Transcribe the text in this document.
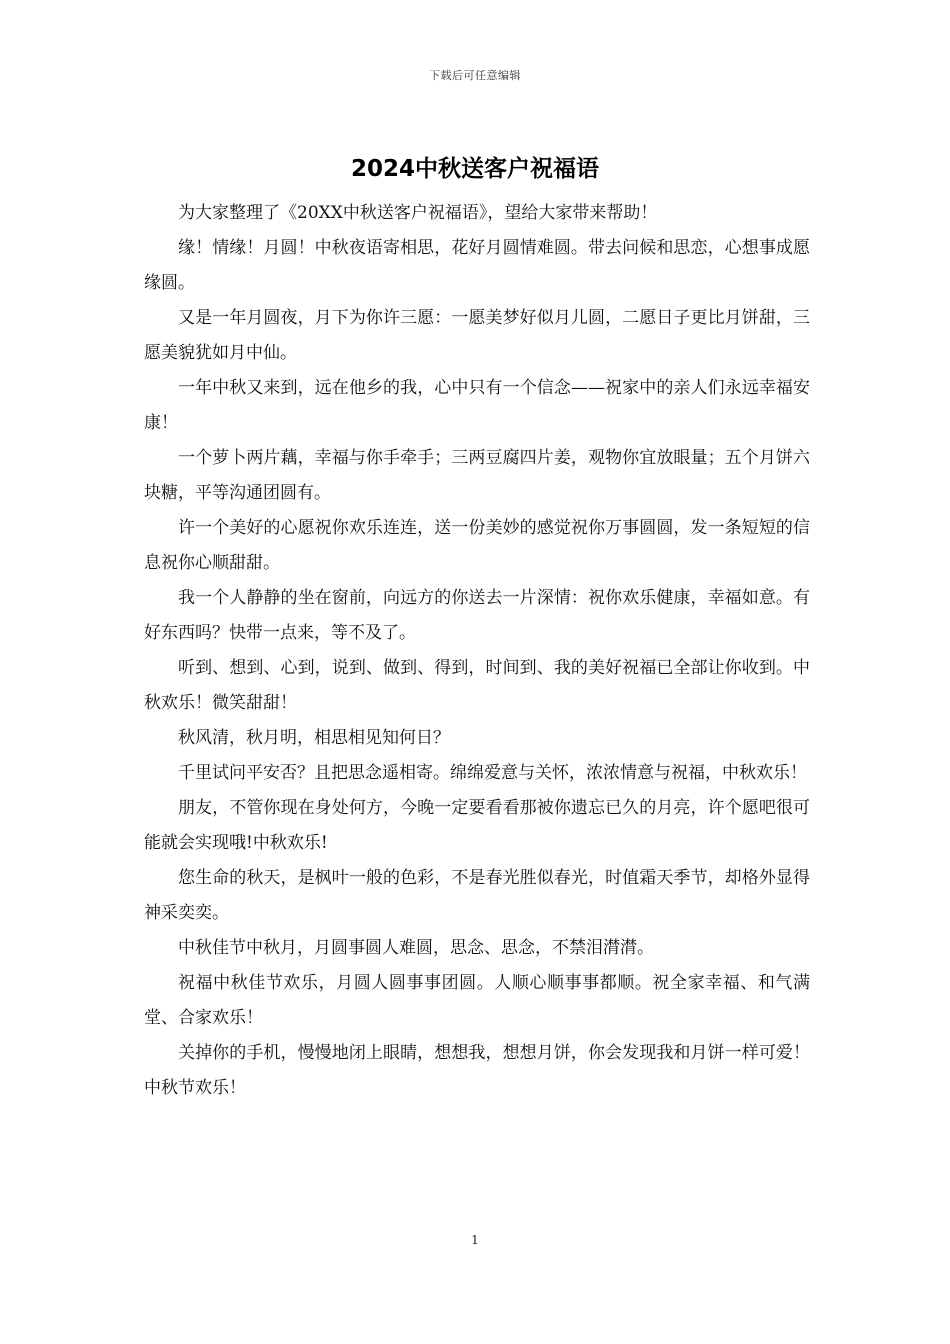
下载后可任意编辑
2024中秋送客户祝福语

为大家整理了《20XX中秋送客户祝福语》，望给大家带来帮助！

缘！情缘！月圆！中秋夜语寄相思，花好月圆情难圆。带去问候和思恋，心想事成愿缘圆。

又是一年月圆夜，月下为你许三愿：一愿美梦好似月儿圆，二愿日子更比月饼甜，三愿美貌犹如月中仙。

一年中秋又来到，远在他乡的我，心中只有一个信念——祝家中的亲人们永远幸福安康！

一个萝卜两片藕，幸福与你手牵手；三两豆腐四片姜，观物你宜放眼量；五个月饼六块糖，平等沟通团圆有。

许一个美好的心愿祝你欢乐连连，送一份美妙的感觉祝你万事圆圆，发一条短短的信息祝你心顺甜甜。

我一个人静静的坐在窗前，向远方的你送去一片深情：祝你欢乐健康，幸福如意。有好东西吗？快带一点来，等不及了。

听到、想到、心到，说到、做到、得到，时间到、我的美好祝福已全部让你收到。中秋欢乐！微笑甜甜！

秋风清，秋月明，相思相见知何日？

千里试问平安否？且把思念遥相寄。绵绵爱意与关怀，浓浓情意与祝福，中秋欢乐！

朋友，不管你现在身处何方，今晚一定要看看那被你遗忘已久的月亮，许个愿吧很可能就会实现哦!中秋欢乐!

您生命的秋天，是枫叶一般的色彩，不是春光胜似春光，时值霜天季节，却格外显得神采奕奕。

中秋佳节中秋月，月圆事圆人难圆，思念、思念，不禁泪潸潸。

祝福中秋佳节欢乐，月圆人圆事事团圆。人顺心顺事事都顺。祝全家幸福、和气满堂、合家欢乐！

关掉你的手机，慢慢地闭上眼睛，想想我，想想月饼，你会发现我和月饼一样可爱！中秋节欢乐！

1
